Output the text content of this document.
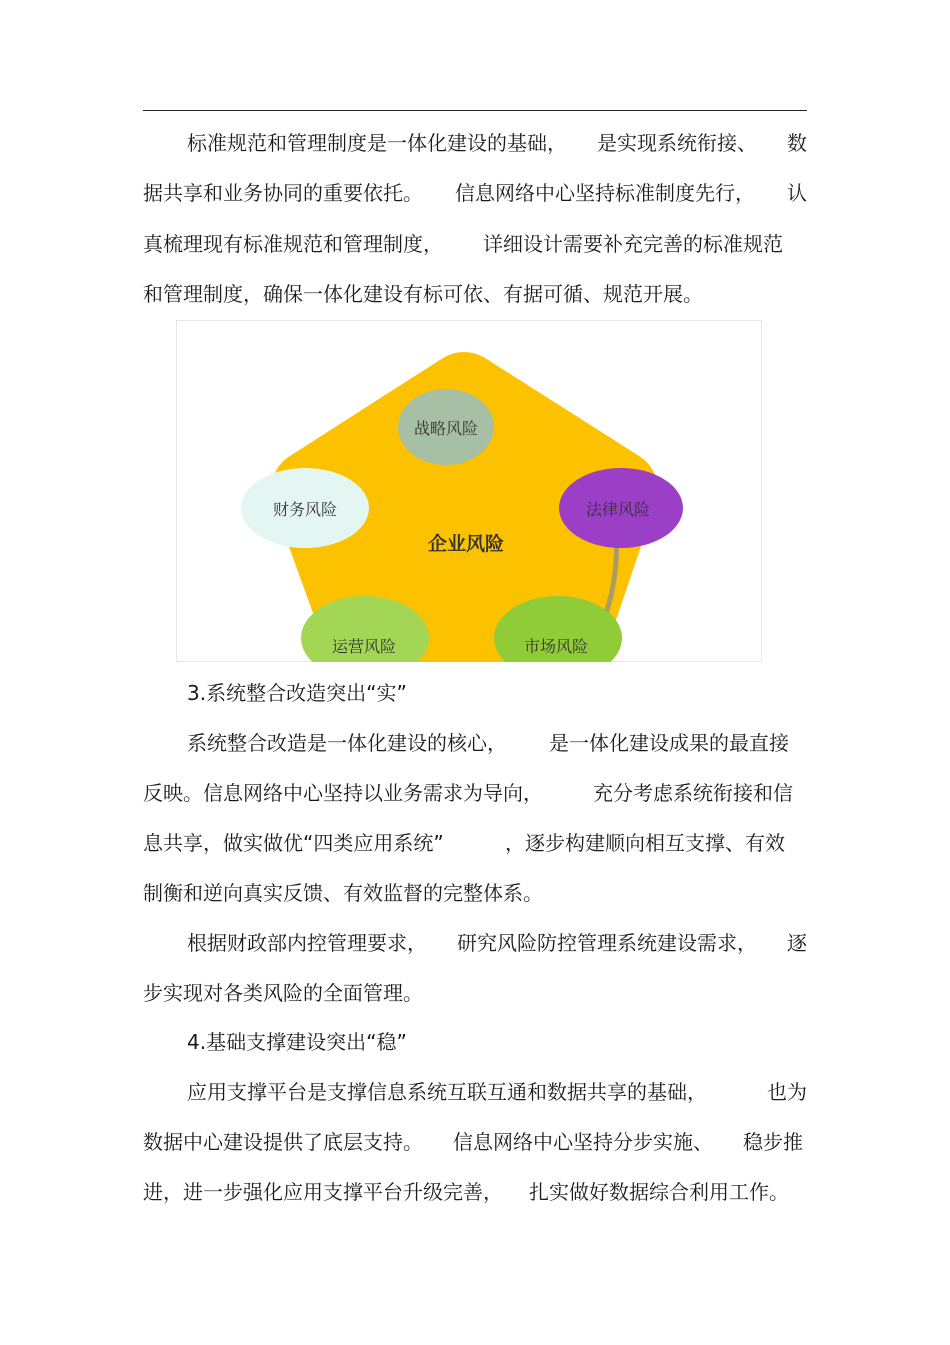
标准规范和管理制度是一体化建设的基础， 是实现系统衔接、 数
据共享和业务协同的重要依托。 信息网络中心坚持标准制度先行， 认
真梳理现有标准规范和管理制度， 详细设计需要补充完善的标准规范
和管理制度，确保一体化建设有标可依、有据可循、规范开展。
企业风险
战略风险
法律风险
财务风险
运营风险	市场风险
3.系统整合改造突出“实”
系统整合改造是一体化建设的核心， 是一体化建设成果的最直接
反映。信息网络中心坚持以业务需求为导向，	充分考虑系统衔接和信
息共享，做实做优“四类应用系统”	，逐步构建顺向相互支撑、有效
制衡和逆向真实反馈、有效监督的完整体系。
根据财政部内控管理要求， 研究风险防控管理系统建设需求， 逐
步实现对各类风险的全面管理。
4.基础支撑建设突出“稳”
应用支撑平台是支撑信息系统互联互通和数据共享的基础，	也为
数据中心建设提供了底层支持。 信息网络中心坚持分步实施、 稳步推
进，进一步强化应用支撑平台升级完善， 扎实做好数据综合利用工作。
